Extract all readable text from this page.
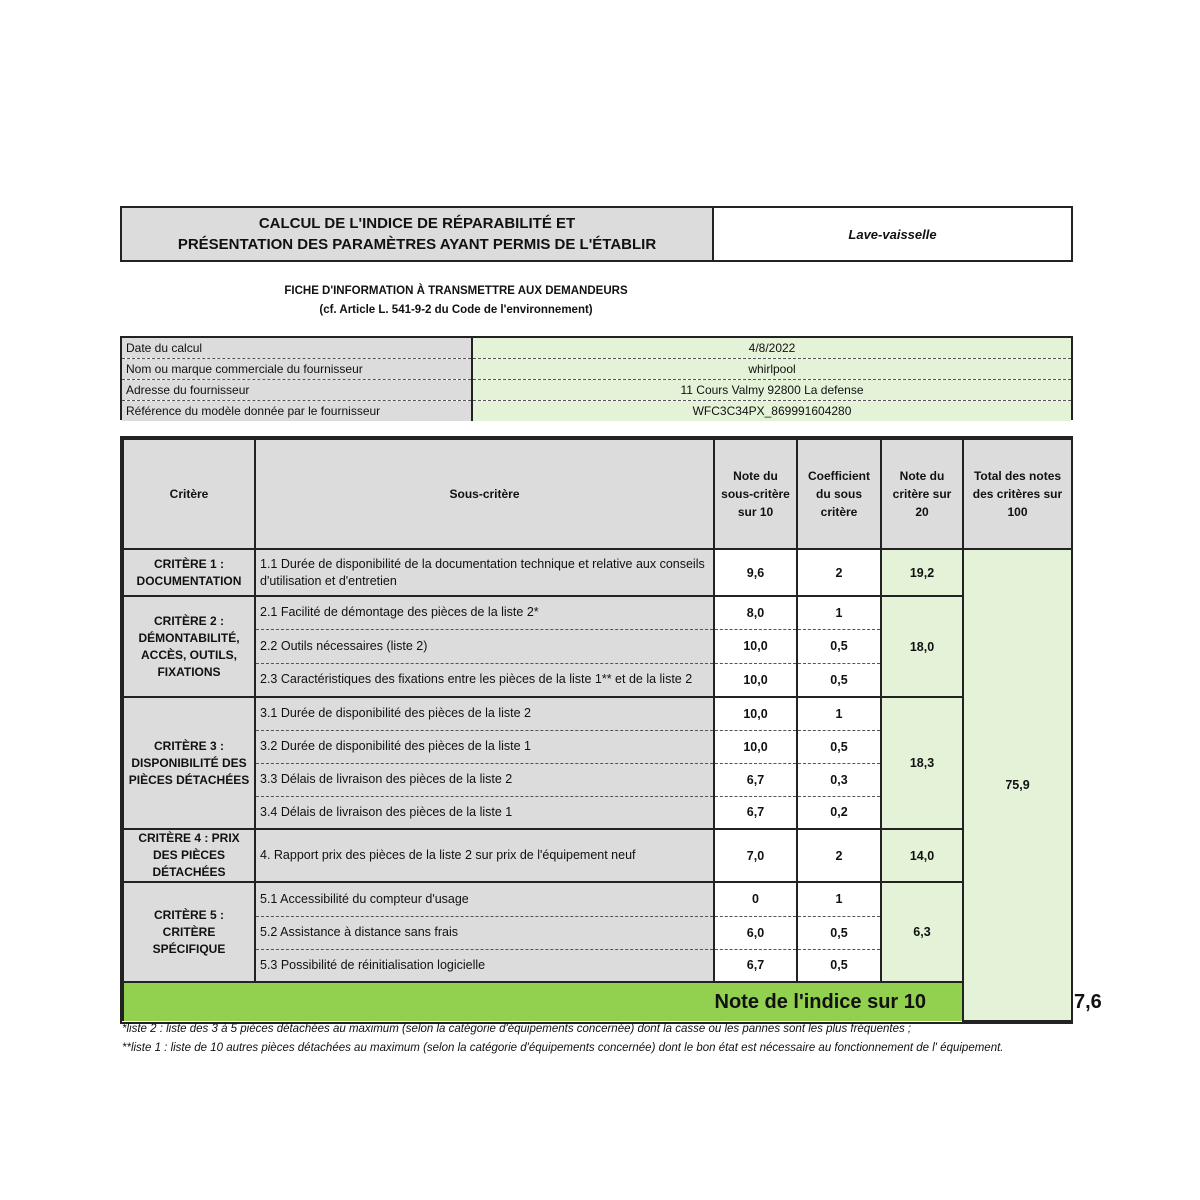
CALCUL DE L'INDICE DE RÉPARABILITÉ ET
PRÉSENTATION DES PARAMÈTRES AYANT PERMIS DE L'ÉTABLIR
Lave-vaisselle
FICHE D'INFORMATION À TRANSMETTRE AUX DEMANDEURS
(cf. Article L. 541-9-2 du Code de l'environnement)
Date du calcul	4/8/2022
Nom ou marque commerciale du fournisseur	whirlpool
Adresse du fournisseur	11 Cours Valmy 92800 La defense
Référence du modèle donnée par le fournisseur	WFC3C34PX_869991604280
Critère	Sous-critère	Note du sous-critère sur 10	Coefficient du sous critère	Note du critère sur 20	Total des notes des critères sur 100	
CRITÈRE 1 : DOCUMENTATION	1.1 Durée de disponibilité de la documentation technique et relative aux conseils d'utilisation et d'entretien	9,6	2	19,2	75,9	
CRITÈRE 2 : DÉMONTABILITÉ, ACCÈS, OUTILS, FIXATIONS	2.1 Facilité de démontage des pièces de la liste 2*	8,0	1	18,0		
	2.2 Outils nécessaires (liste 2)	10,0	0,5			
	2.3 Caractéristiques des fixations entre les pièces de la liste 1** et de la liste 2	10,0	0,5			
CRITÈRE 3 : DISPONIBILITÉ DES PIÈCES DÉTACHÉES	3.1 Durée de disponibilité des pièces de la liste 2	10,0	1	18,3		
	3.2 Durée de disponibilité des pièces de la liste 1	10,0	0,5			
	3.3 Délais de livraison des pièces de la liste 2	6,7	0,3			
	3.4 Délais de livraison des pièces de la liste 1	6,7	0,2			
CRITÈRE 4 : PRIX DES PIÈCES DÉTACHÉES	4. Rapport prix des pièces de la liste 2 sur prix de l'équipement neuf	7,0	2	14,0		
CRITÈRE 5 : CRITÈRE SPÉCIFIQUE	5.1 Accessibilité du compteur d'usage	0	1	6,3		
	5.2 Assistance à distance sans frais	6,0	0,5			
	5.3 Possibilité de réinitialisation logicielle	6,7	0,5			
Note de l'indice sur 10						7,6
*liste 2 : liste des 3 à 5 pièces détachées au maximum (selon la catégorie d'équipements concernée) dont la casse ou les pannes sont les plus fréquentes ;
**liste 1 : liste de 10 autres pièces détachées au maximum (selon la catégorie d'équipements concernée) dont le bon état est nécessaire au fonctionnement de l' équipement.
